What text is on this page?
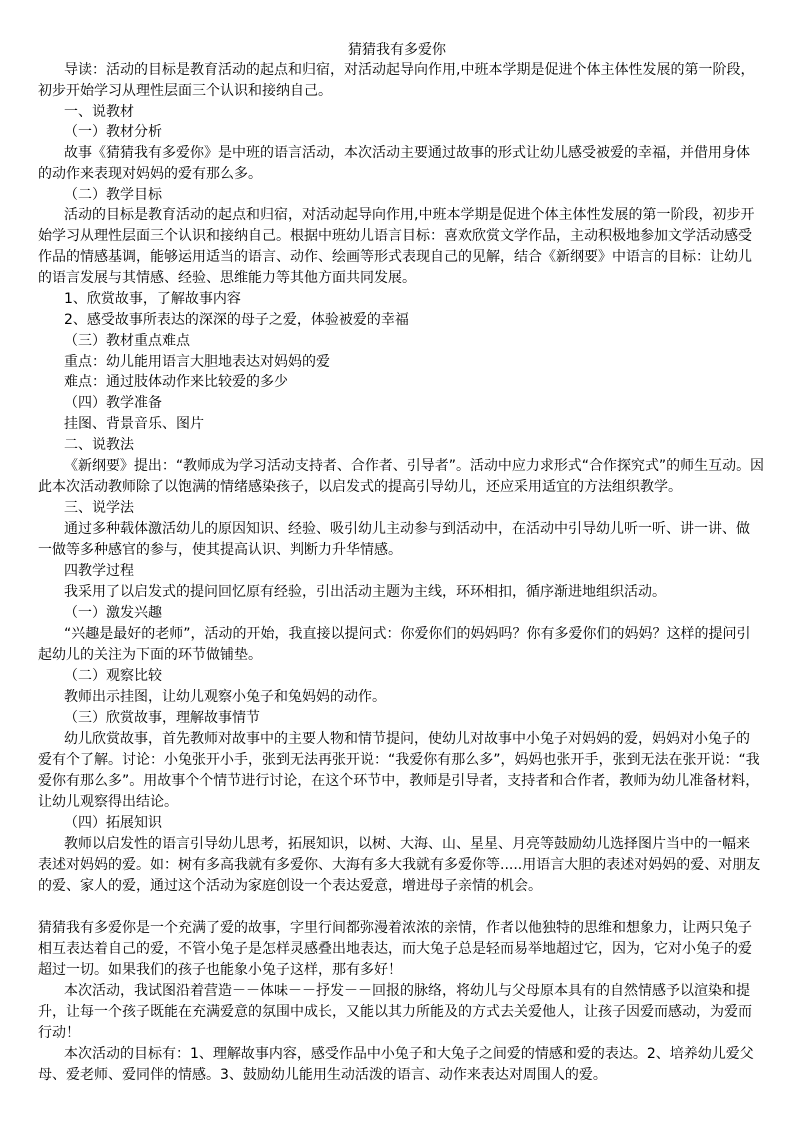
猜猜我有多爱你

导读：活动的目标是教育活动的起点和归宿，对活动起导向作用,中班本学期是促进个体主体性发展的第一阶段，

初步开始学习从理性层面三个认识和接纳自己。

一、说教材

（一）教材分析

故事《猜猜我有多爱你》是中班的语言活动，本次活动主要通过故事的形式让幼儿感受被爱的幸福，并借用身体

的动作来表现对妈妈的爱有那么多。

（二）教学目标

活动的目标是教育活动的起点和归宿，对活动起导向作用,中班本学期是促进个体主体性发展的第一阶段，初步开

始学习从理性层面三个认识和接纳自己。根据中班幼儿语言目标：喜欢欣赏文学作品，主动积极地参加文学活动感受

作品的情感基调，能够运用适当的语言、动作、绘画等形式表现自己的见解，结合《新纲要》中语言的目标：让幼儿

的语言发展与其情感、经验、思维能力等其他方面共同发展。

1、欣赏故事，了解故事内容

2、感受故事所表达的深深的母子之爱，体验被爱的幸福

（三）教材重点难点

重点：幼儿能用语言大胆地表达对妈妈的爱

难点：通过肢体动作来比较爱的多少

（四）教学准备

挂图、背景音乐、图片

二、说教法

《新纲要》提出：“教师成为学习活动支持者、合作者、引导者”。活动中应力求形式“合作探究式”的师生互动。因

此本次活动教师除了以饱满的情绪感染孩子，以启发式的提高引导幼儿，还应采用适宜的方法组织教学。

三、说学法

通过多种载体激活幼儿的原因知识、经验、吸引幼儿主动参与到活动中，在活动中引导幼儿听一听、讲一讲、做

一做等多种感官的参与，使其提高认识、判断力升华情感。

四教学过程

我采用了以启发式的提问回忆原有经验，引出活动主题为主线，环环相扣，循序渐进地组织活动。

（一）激发兴趣

“兴趣是最好的老师”，活动的开始，我直接以提问式：你爱你们的妈妈吗？你有多爱你们的妈妈？这样的提问引

起幼儿的关注为下面的环节做铺垫。

（二）观察比较

教师出示挂图，让幼儿观察小兔子和兔妈妈的动作。

（三）欣赏故事，理解故事情节

幼儿欣赏故事，首先教师对故事中的主要人物和情节提问，使幼儿对故事中小兔子对妈妈的爱，妈妈对小兔子的

爱有个了解。讨论：小兔张开小手，张到无法再张开说：“我爱你有那么多”，妈妈也张开手，张到无法在张开说：“我

爱你有那么多”。用故事个个情节进行讨论，在这个环节中，教师是引导者，支持者和合作者，教师为幼儿准备材料，

让幼儿观察得出结论。

（四）拓展知识

教师以启发性的语言引导幼儿思考，拓展知识，以树、大海、山、星星、月亮等鼓励幼儿选择图片当中的一幅来

表述对妈妈的爱。如：树有多高我就有多爱你、大海有多大我就有多爱你等.....用语言大胆的表述对妈妈的爱、对朋友

的爱、家人的爱，通过这个活动为家庭创设一个表达爱意，增进母子亲情的机会。

猜猜我有多爱你是一个充满了爱的故事，字里行间都弥漫着浓浓的亲情，作者以他独特的思维和想象力，让两只兔子

相互表达着自己的爱，不管小兔子是怎样灵感叠出地表达，而大兔子总是轻而易举地超过它，因为，它对小兔子的爱

超过一切。如果我们的孩子也能象小兔子这样，那有多好！

本次活动，我试图沿着营造－－体味－－抒发－－回报的脉络，将幼儿与父母原本具有的自然情感予以渲染和提

升，让每一个孩子既能在充满爱意的氛围中成长，又能以其力所能及的方式去关爱他人，让孩子因爱而感动，为爱而

行动！

本次活动的目标有：1、理解故事内容，感受作品中小兔子和大兔子之间爱的情感和爱的表达。2、培养幼儿爱父

母、爱老师、爱同伴的情感。3、鼓励幼儿能用生动活泼的语言、动作来表达对周围人的爱。
